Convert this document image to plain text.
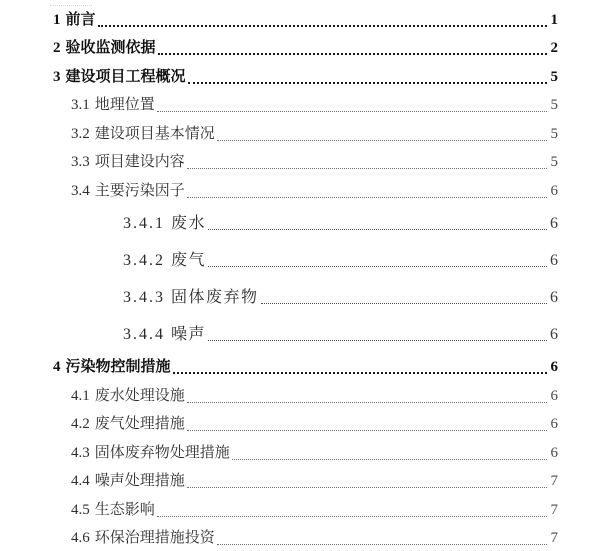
1 前言	1
2 验收监测依据	2
3 建设项目工程概况	5
3.1 地理位置	5
3.2 建设项目基本情况	5
3.3 项目建设内容	5
3.4 主要污染因子	6
3.4.1 废水	6
3.4.2 废气	6
3.4.3 固体废弃物	6
3.4.4 噪声	6
4 污染物控制措施	6
4.1 废水处理设施	6
4.2 废气处理措施	6
4.3 固体废弃物处理措施	6
4.4 噪声处理措施	7
4.5 生态影响	7
4.6 环保治理措施投资	7
